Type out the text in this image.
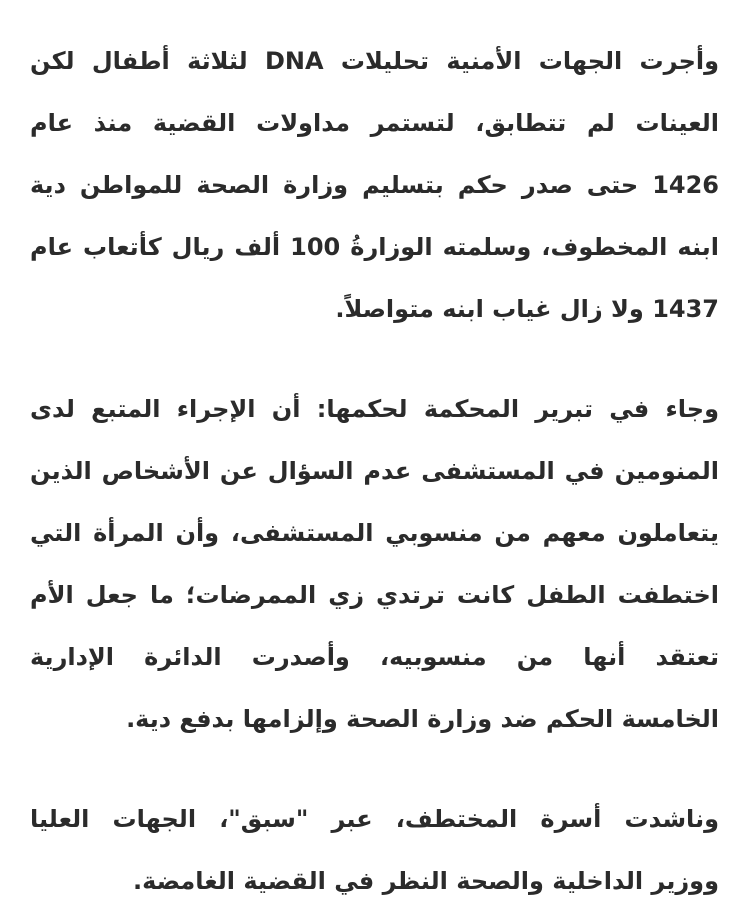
وأجرت الجهات الأمنية تحليلات DNA لثلاثة أطفال لكن
العينات لم تتطابق، لتستمر مداولات القضية منذ عام
1426 حتى صدر حكم بتسليم وزارة الصحة للمواطن دية
ابنه المخطوف، وسلمته الوزارةُ 100 ألف ريال كأتعاب عام
1437 ولا زال غياب ابنه متواصلاً.
وجاء في تبرير المحكمة لحكمها: أن الإجراء المتبع لدى
المنومين في المستشفى عدم السؤال عن الأشخاص الذين
يتعاملون معهم من منسوبي المستشفى، وأن المرأة التي
اختطفت الطفل كانت ترتدي زي الممرضات؛ ما جعل الأم
تعتقد أنها من منسوبيه، وأصدرت الدائرة الإدارية
الخامسة الحكم ضد وزارة الصحة وإلزامها بدفع دية.
وناشدت أسرة المختطف، عبر "سبق"، الجهات العليا
ووزير الداخلية والصحة النظر في القضية الغامضة.
